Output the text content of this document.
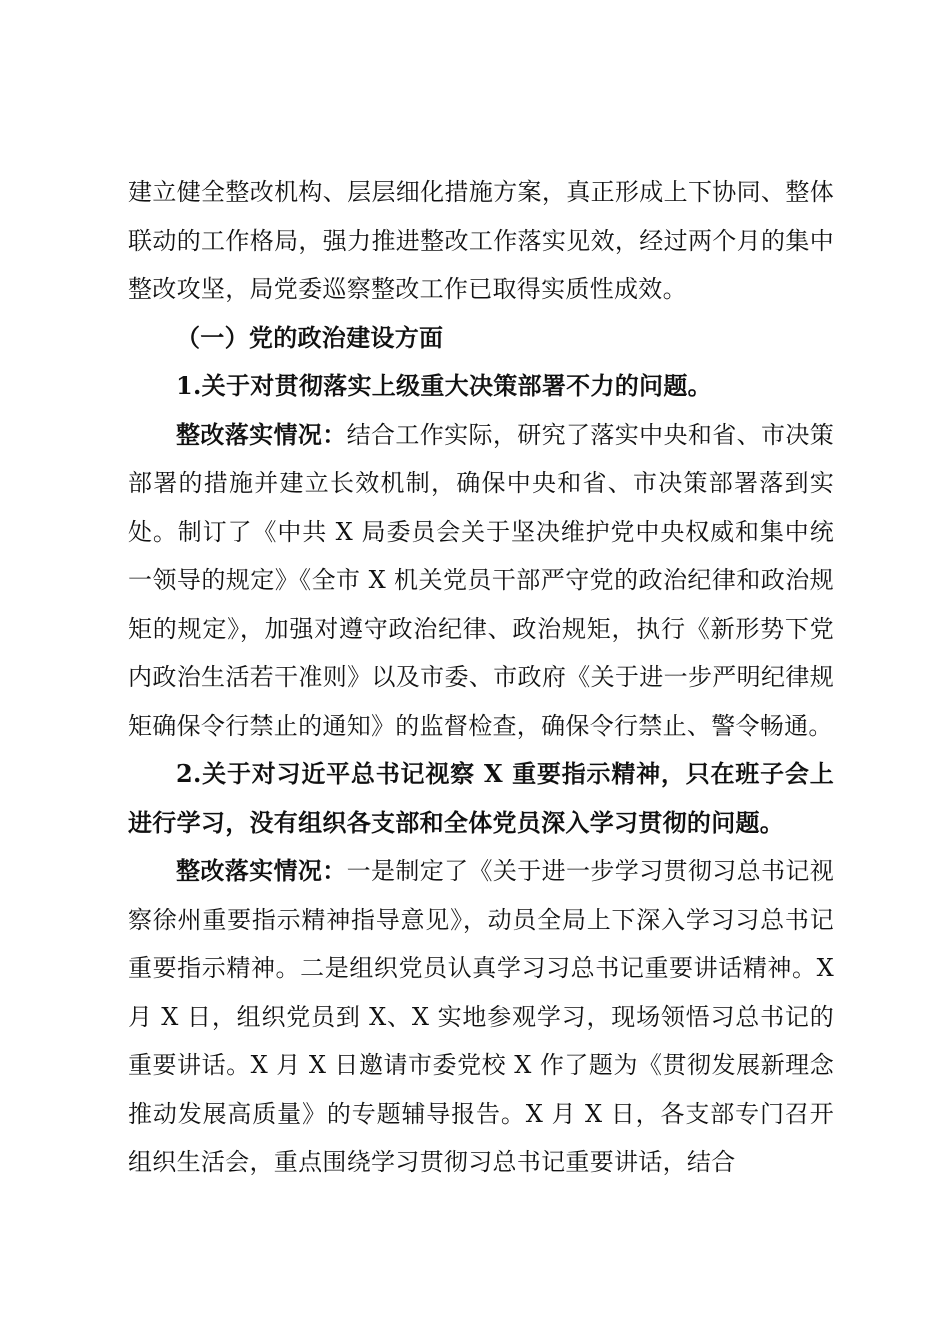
建立健全整改机构、层层细化措施方案，真正形成上下协同、整体联动的工作格局，强力推进整改工作落实见效，经过两个月的集中整改攻坚，局党委巡察整改工作已取得实质性成效。

（一）党的政治建设方面

1.关于对贯彻落实上级重大决策部署不力的问题。

整改落实情况：结合工作实际，研究了落实中央和省、市决策部署的措施并建立长效机制，确保中央和省、市决策部署落到实处。制订了《中共 X 局委员会关于坚决维护党中央权威和集中统一领导的规定》《全市 X 机关党员干部严守党的政治纪律和政治规矩的规定》，加强对遵守政治纪律、政治规矩，执行《新形势下党内政治生活若干准则》以及市委、市政府《关于进一步严明纪律规矩确保令行禁止的通知》的监督检查，确保令行禁止、警令畅通。

2.关于对习近平总书记视察 X 重要指示精神，只在班子会上进行学习，没有组织各支部和全体党员深入学习贯彻的问题。

整改落实情况：一是制定了《关于进一步学习贯彻习总书记视察徐州重要指示精神指导意见》，动员全局上下深入学习习总书记重要指示精神。二是组织党员认真学习习总书记重要讲话精神。X 月 X 日，组织党员到 X、X 实地参观学习，现场领悟习总书记的重要讲话。X 月 X 日邀请市委党校 X 作了题为《贯彻发展新理念推动发展高质量》的专题辅导报告。X 月 X 日，各支部专门召开组织生活会，重点围绕学习贯彻习总书记重要讲话，结合
